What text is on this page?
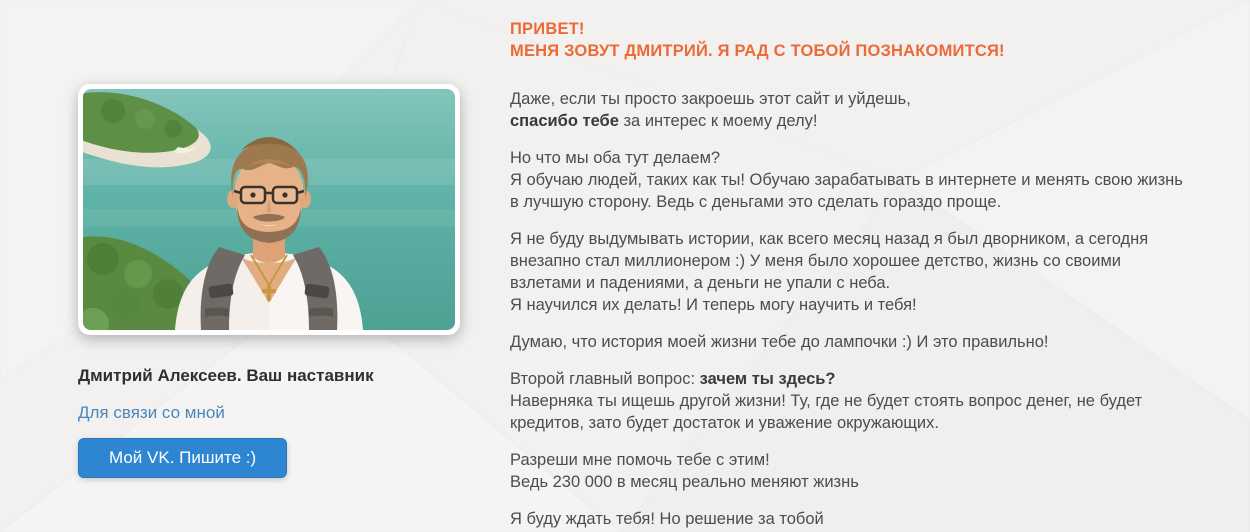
Дмитрий Алексеев. Ваш наставник
Для связи со мной
Мой VK. Пишите :)
ПРИВЕТ!
МЕНЯ ЗОВУТ ДМИТРИЙ. Я РАД С ТОБОЙ ПОЗНАКОМИТСЯ!

Даже, если ты просто закроешь этот сайт и уйдешь,
спасибо тебе за интерес к моему делу!

Но что мы оба тут делаем?
Я обучаю людей, таких как ты! Обучаю зарабатывать в интернете и менять свою жизнь
в лучшую сторону. Ведь с деньгами это сделать гораздо проще.

Я не буду выдумывать истории, как всего месяц назад я был дворником, а сегодня
внезапно стал миллионером :) У меня было хорошее детство, жизнь со своими
взлетами и падениями, а деньги не упали с неба.
Я научился их делать! И теперь могу научить и тебя!

Думаю, что история моей жизни тебе до лампочки :) И это правильно!

Второй главный вопрос: зачем ты здесь?
Наверняка ты ищешь другой жизни! Ту, где не будет стоять вопрос денег, не будет
кредитов, зато будет достаток и уважение окружающих.

Разреши мне помочь тебе с этим!
Ведь 230 000 в месяц реально меняют жизнь

Я буду ждать тебя! Но решение за тобой
